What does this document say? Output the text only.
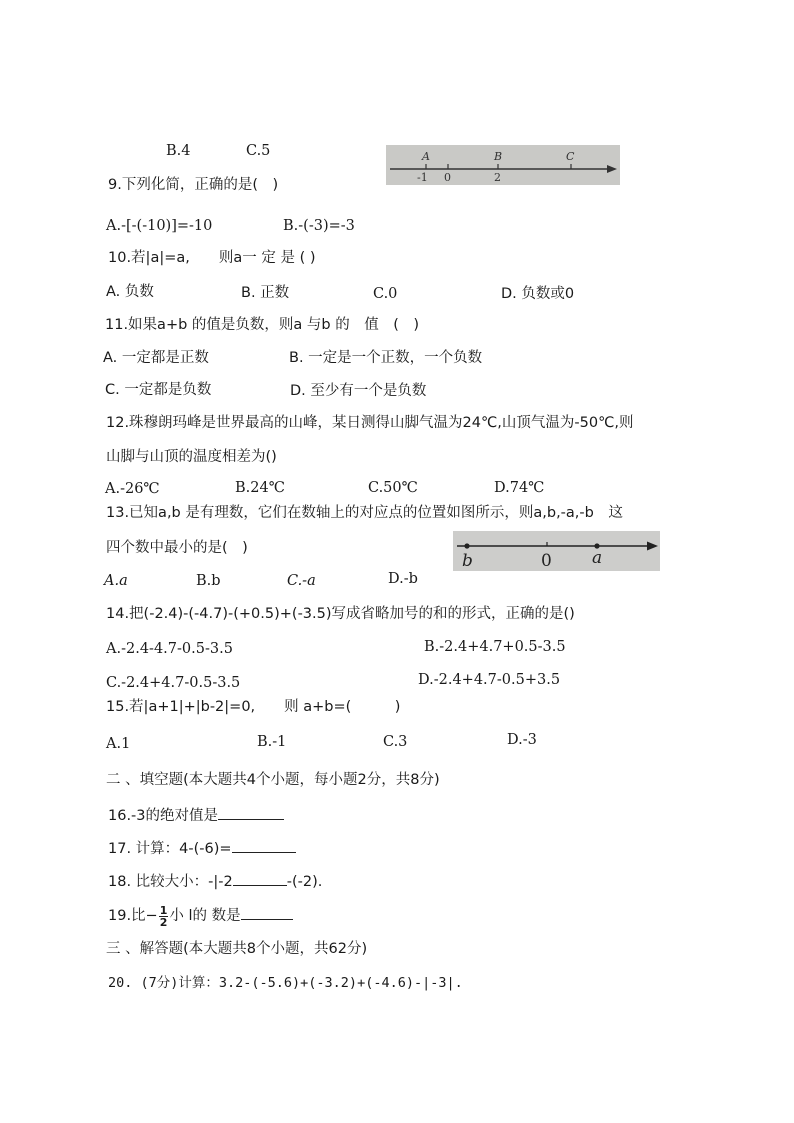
B.4	C.5	A	B	C
-1 0	2
9.下列化简，正确的是(　)
A.-[-(-10)]=-10	B.-(-3)=-3
10.若|a|=a,　　则a一 定 是 ( )
A. 负数	B. 正数	C.0	D. 负数或0
11.如果a+b 的值是负数，则a 与b 的　值　(　)
A. 一定都是正数	B. 一定是一个正数，一个负数
C. 一定都是负数	D. 至少有一个是负数
12.珠穆朗玛峰是世界最高的山峰，某日测得山脚气温为24℃,山顶气温为-50℃,则
山脚与山顶的温度相差为()
A.-26℃	B.24℃	C.50℃	D.74℃
13.已知a,b 是有理数，它们在数轴上的对应点的位置如图所示，则a,b,-a,-b　这
四个数中最小的是(　)
b	0 a
A.a	B.b	C.-a	D.-b
14.把(-2.4)-(-4.7)-(+0.5)+(-3.5)写成省略加号的和的形式，正确的是()
A.-2.4-4.7-0.5-3.5	B.-2.4+4.7+0.5-3.5
C.-2.4+4.7-0.5-3.5	D.-2.4+4.7-0.5+3.5
15.若|a+1|+|b-2|=0,　　则 a+b=(　　　)
A.1	B.-1	C.3	D.-3
二 、填空题(本大题共4个小题，每小题2分，共8分)
16.-3的绝对值是
17. 计算：4-(-6)=
18. 比较大小：-|-2	-(-2).
19.比− $\frac{1}{2}$ 小 l的 数是
三 、解答题(本大题共8个小题，共62分)
20. (7分)计算：3.2-(-5.6)+(-3.2)+(-4.6)-|-3|.
